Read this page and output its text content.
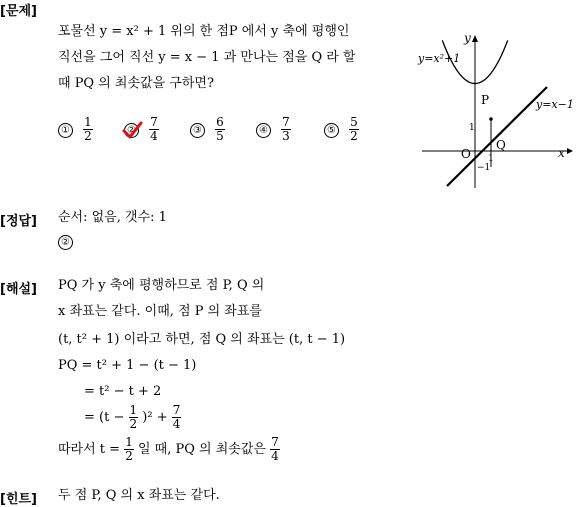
[문제]
포물선 y = x² + 1 위의 한 점P 에서 y 축에 평행인
직선을 그어 직선 y = x − 1 과 만나는 점을 Q 라 할
때 PQ 의 최솟값을 구하면?
① $\frac{1}{2}$	② $\frac{7}{4}$	③ $\frac{6}{5}$	④ $\frac{7}{3}$	⑤ $\frac{5}{2}$
y
x
y=x²+1
y=x−1
P
Q
O
1
1
−1
[정답] 순서: 없음, 갯수: 1
②
[해설] PQ 가 y 축에 평행하므로 점 P, Q 의
x 좌표는 같다. 이때, 점 P 의 좌표를
(t, t² + 1) 이라고 하면, 점 Q 의 좌표는 (t, t − 1)
PQ = t² + 1 − (t − 1)
= t² − t + 2
= $(t - \frac{1}{2} )^2 + \frac{7}{4}$
따라서 $t = \frac{1}{2}$ 일 때, PQ 의 최솟값은 $\frac{7}{4}$
[힌트] 두 점 P, Q 의 x 좌표는 같다.
